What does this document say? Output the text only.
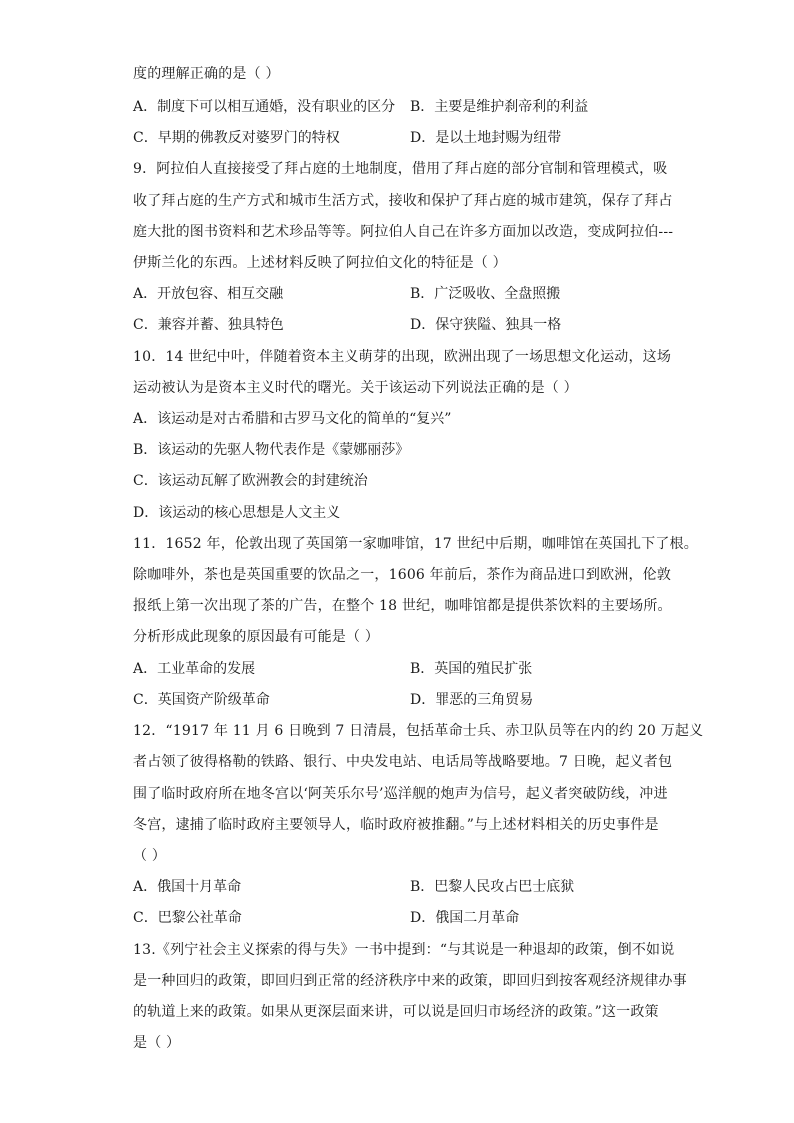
度的理解正确的是（ ）
A．制度下可以相互通婚，没有职业的区分 B．主要是维护刹帝利的利益
C．早期的佛教反对婆罗门的特权	D．是以土地封赐为纽带
9．阿拉伯人直接接受了拜占庭的土地制度，借用了拜占庭的部分官制和管理模式，吸
收了拜占庭的生产方式和城市生活方式，接收和保护了拜占庭的城市建筑，保存了拜占
庭大批的图书资料和艺术珍品等等。阿拉伯人自己在许多方面加以改造，变成阿拉伯---
伊斯兰化的东西。上述材料反映了阿拉伯文化的特征是（ ）
A．开放包容、相互交融	B．广泛吸收、全盘照搬
C．兼容并蓄、独具特色	D．保守狭隘、独具一格
10．14 世纪中叶，伴随着资本主义萌芽的出现，欧洲出现了一场思想文化运动，这场
运动被认为是资本主义时代的曙光。关于该运动下列说法正确的是（ ）
A．该运动是对古希腊和古罗马文化的简单的“复兴”
B．该运动的先驱人物代表作是《蒙娜丽莎》
C．该运动瓦解了欧洲教会的封建统治
D．该运动的核心思想是人文主义
11．1652 年，伦敦出现了英国第一家咖啡馆，17 世纪中后期，咖啡馆在英国扎下了根。
除咖啡外，茶也是英国重要的饮品之一，1606 年前后，茶作为商品进口到欧洲，伦敦
报纸上第一次出现了茶的广告，在整个 18 世纪，咖啡馆都是提供茶饮料的主要场所。
分析形成此现象的原因最有可能是（ ）
A．工业革命的发展	B．英国的殖民扩张
C．英国资产阶级革命	D．罪恶的三角贸易
12．“1917 年 11 月 6 日晚到 7 日清晨，包括革命士兵、赤卫队员等在内的约 20 万起义
者占领了彼得格勒的铁路、银行、中央发电站、电话局等战略要地。7 日晚，起义者包
围了临时政府所在地冬宫以‘阿芙乐尔号’巡洋舰的炮声为信号，起义者突破防线，冲进
冬宫，逮捕了临时政府主要领导人，临时政府被推翻。”与上述材料相关的历史事件是
（ ）
A．俄国十月革命	B．巴黎人民攻占巴士底狱
C．巴黎公社革命	D．俄国二月革命
13.《列宁社会主义探索的得与失》一书中提到：“与其说是一种退却的政策，倒不如说
是一种回归的政策，即回归到正常的经济秩序中来的政策，即回归到按客观经济规律办事
的轨道上来的政策。如果从更深层面来讲，可以说是回归市场经济的政策。”这一政策
是（ ）
